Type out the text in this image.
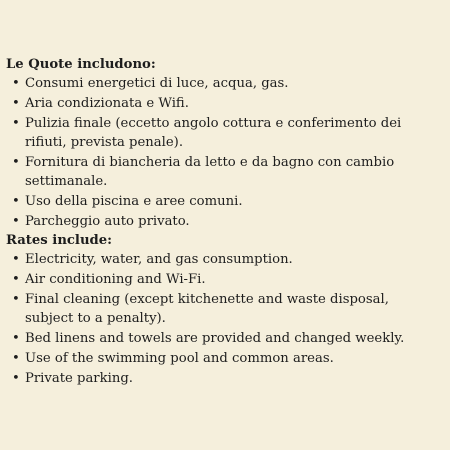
Le Quote includono:

• Consumi energetici di luce, acqua, gas.
• Aria condizionata e Wifi.
• Pulizia finale (eccetto angolo cottura e conferimento dei rifiuti, prevista penale).
• Fornitura di biancheria da letto e da bagno con cambio settimanale.
• Uso della piscina e aree comuni.
• Parcheggio auto privato.

Rates include:

• Electricity, water, and gas consumption.
• Air conditioning and Wi-Fi.
• Final cleaning (except kitchenette and waste disposal, subject to a penalty).
• Bed linens and towels are provided and changed weekly.
• Use of the swimming pool and common areas.
• Private parking.
